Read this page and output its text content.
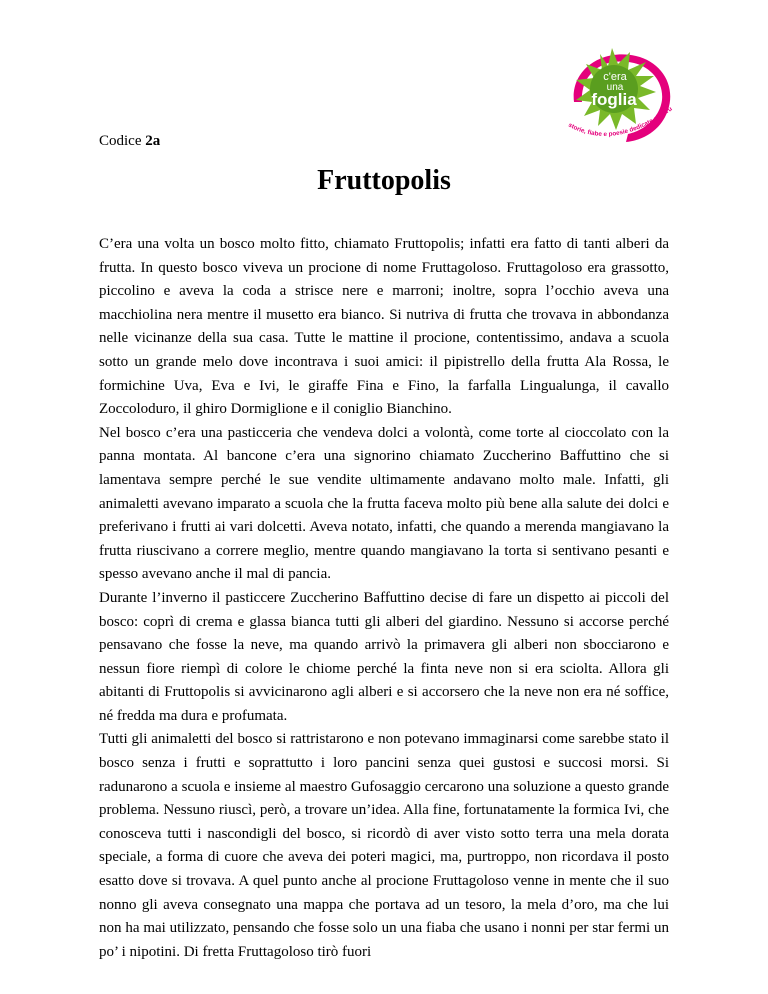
c'era
una
foglia
storie, fiabe e poesie dedicate alla fru
Codice 2a
Fruttopolis

C’era una volta un bosco molto fitto, chiamato Fruttopolis; infatti era fatto di tanti alberi da frutta. In questo bosco viveva un procione di nome Fruttagoloso. Fruttagoloso era grassotto, piccolino e aveva la coda a strisce nere e marroni; inoltre, sopra l’occhio aveva una macchiolina nera mentre il musetto era bianco. Si nutriva di frutta che trovava in abbondanza nelle vicinanze della sua casa. Tutte le mattine il procione, contentissimo, andava a scuola sotto un grande melo dove incontrava i suoi amici: il pipistrello della frutta Ala Rossa, le formichine Uva, Eva e Ivi, le giraffe Fina e Fino, la farfalla Lingualunga, il cavallo Zoccoloduro, il ghiro Dormiglione e il coniglio Bianchino.

Nel bosco c’era una pasticceria che vendeva dolci a volontà, come torte al cioccolato con la panna montata. Al bancone c’era una signorino chiamato Zuccherino Baffuttino che si lamentava sempre perché le sue vendite ultimamente andavano molto male. Infatti, gli animaletti avevano imparato a scuola che la frutta faceva molto più bene alla salute dei dolci e preferivano i frutti ai vari dolcetti. Aveva notato, infatti, che quando a merenda mangiavano la frutta riuscivano a correre meglio, mentre quando mangiavano la torta si sentivano pesanti e spesso avevano anche il mal di pancia.

Durante l’inverno il pasticcere Zuccherino Baffuttino decise di fare un dispetto ai piccoli del bosco: coprì di crema e glassa bianca tutti gli alberi del giardino. Nessuno si accorse perché pensavano che fosse la neve, ma quando arrivò la primavera gli alberi non sbocciarono e nessun fiore riempì di colore le chiome perché la finta neve non si era sciolta. Allora gli abitanti di Fruttopolis si avvicinarono agli alberi e si accorsero che la neve non era né soffice, né fredda ma dura e profumata.

Tutti gli animaletti del bosco si rattristarono e non potevano immaginarsi come sarebbe stato il bosco senza i frutti e soprattutto i loro pancini senza quei gustosi e succosi morsi. Si radunarono a scuola e insieme al maestro Gufosaggio cercarono una soluzione a questo grande problema. Nessuno riuscì, però, a trovare un’idea. Alla fine, fortunatamente la formica Ivi, che conosceva tutti i nascondigli del bosco, si ricordò di aver visto sotto terra una mela dorata speciale, a forma di cuore che aveva dei poteri magici, ma, purtroppo, non ricordava il posto esatto dove si trovava. A quel punto anche al procione Fruttagoloso venne in mente che il suo nonno gli aveva consegnato una mappa che portava ad un tesoro, la mela d’oro, ma che lui non ha mai utilizzato, pensando che fosse solo un una fiaba che usano i nonni per star fermi un po’ i nipotini. Di fretta Fruttagoloso tirò fuori
